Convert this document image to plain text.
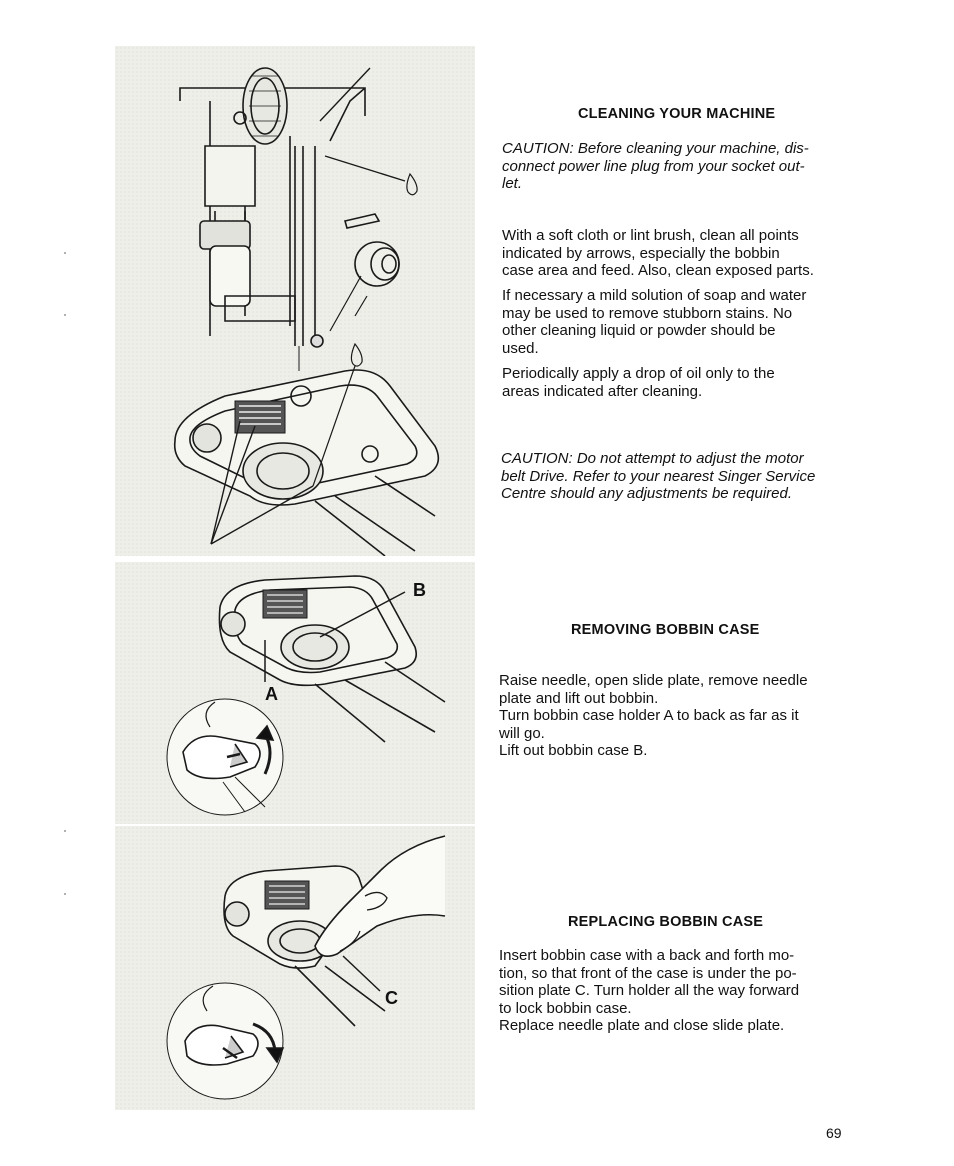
B
A
C
CLEANING YOUR MACHINE

CAUTION: Before cleaning your machine, dis-
connect power line plug from your socket out-
let.

With a soft cloth or lint brush, clean all points
indicated by arrows, especially the bobbin
case area and feed. Also, clean exposed parts.

If necessary a mild solution of soap and water
may be used to remove stubborn stains. No
other cleaning liquid or powder should be
used.

Periodically apply a drop of oil only to the
areas indicated after cleaning.

CAUTION: Do not attempt to adjust the motor
belt Drive. Refer to your nearest Singer Service
Centre should any adjustments be required.

REMOVING BOBBIN CASE

Raise needle, open slide plate, remove needle
plate and lift out bobbin.
Turn bobbin case holder A to back as far as it
will go.
Lift out bobbin case B.

REPLACING BOBBIN CASE

Insert bobbin case with a back and forth mo-
tion, so that front of the case is under the po-
sition plate C. Turn holder all the way forward
to lock bobbin case.
Replace needle plate and close slide plate.

69
